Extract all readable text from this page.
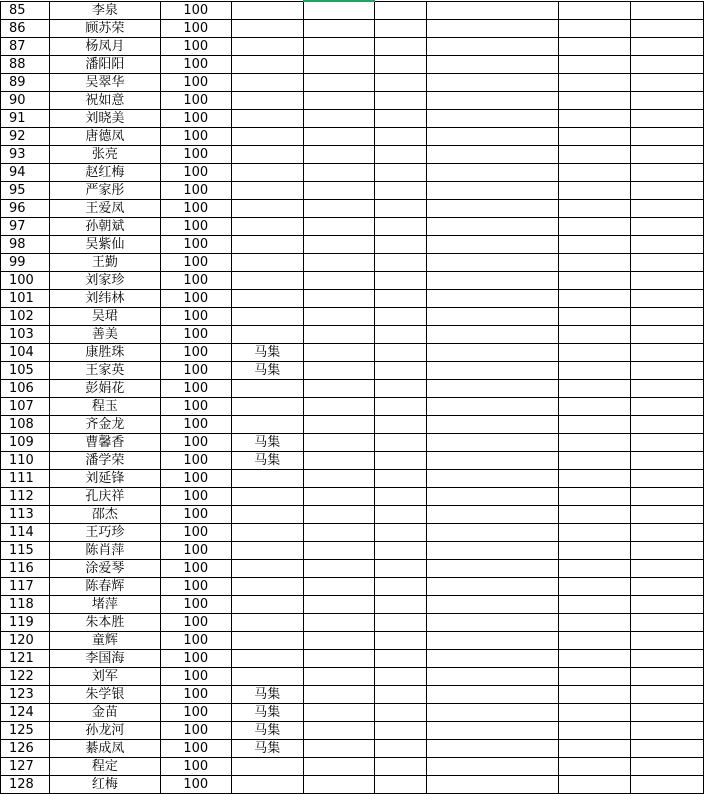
85	李泉	100						
86	顾苏荣	100						
87	杨凤月	100						
88	潘阳阳	100						
89	吴翠华	100						
90	祝如意	100						
91	刘晓美	100						
92	唐德凤	100						
93	张亮	100						
94	赵红梅	100						
95	严家彤	100						
96	王爱凤	100						
97	孙朝斌	100						
98	吴紫仙	100						
99	王勤	100						
100	刘家珍	100						
101	刘纬林	100						
102	吴珺	100						
103	善美	100						
104	康胜珠	100	马集					
105	王家英	100	马集					
106	彭娟花	100						
107	程玉	100						
108	齐金龙	100						
109	曹馨香	100	马集					
110	潘学荣	100	马集					
111	刘延锋	100						
112	孔庆祥	100						
113	邵杰	100						
114	王巧珍	100						
115	陈肖萍	100						
116	涂爱琴	100						
117	陈春辉	100						
118	堵萍	100						
119	朱本胜	100						
120	童辉	100						
121	李国海	100						
122	刘军	100						
123	朱学银	100	马集					
124	金苗	100	马集					
125	孙龙河	100	马集					
126	綦成凤	100	马集					
127	程定	100						
128	红梅	100						
